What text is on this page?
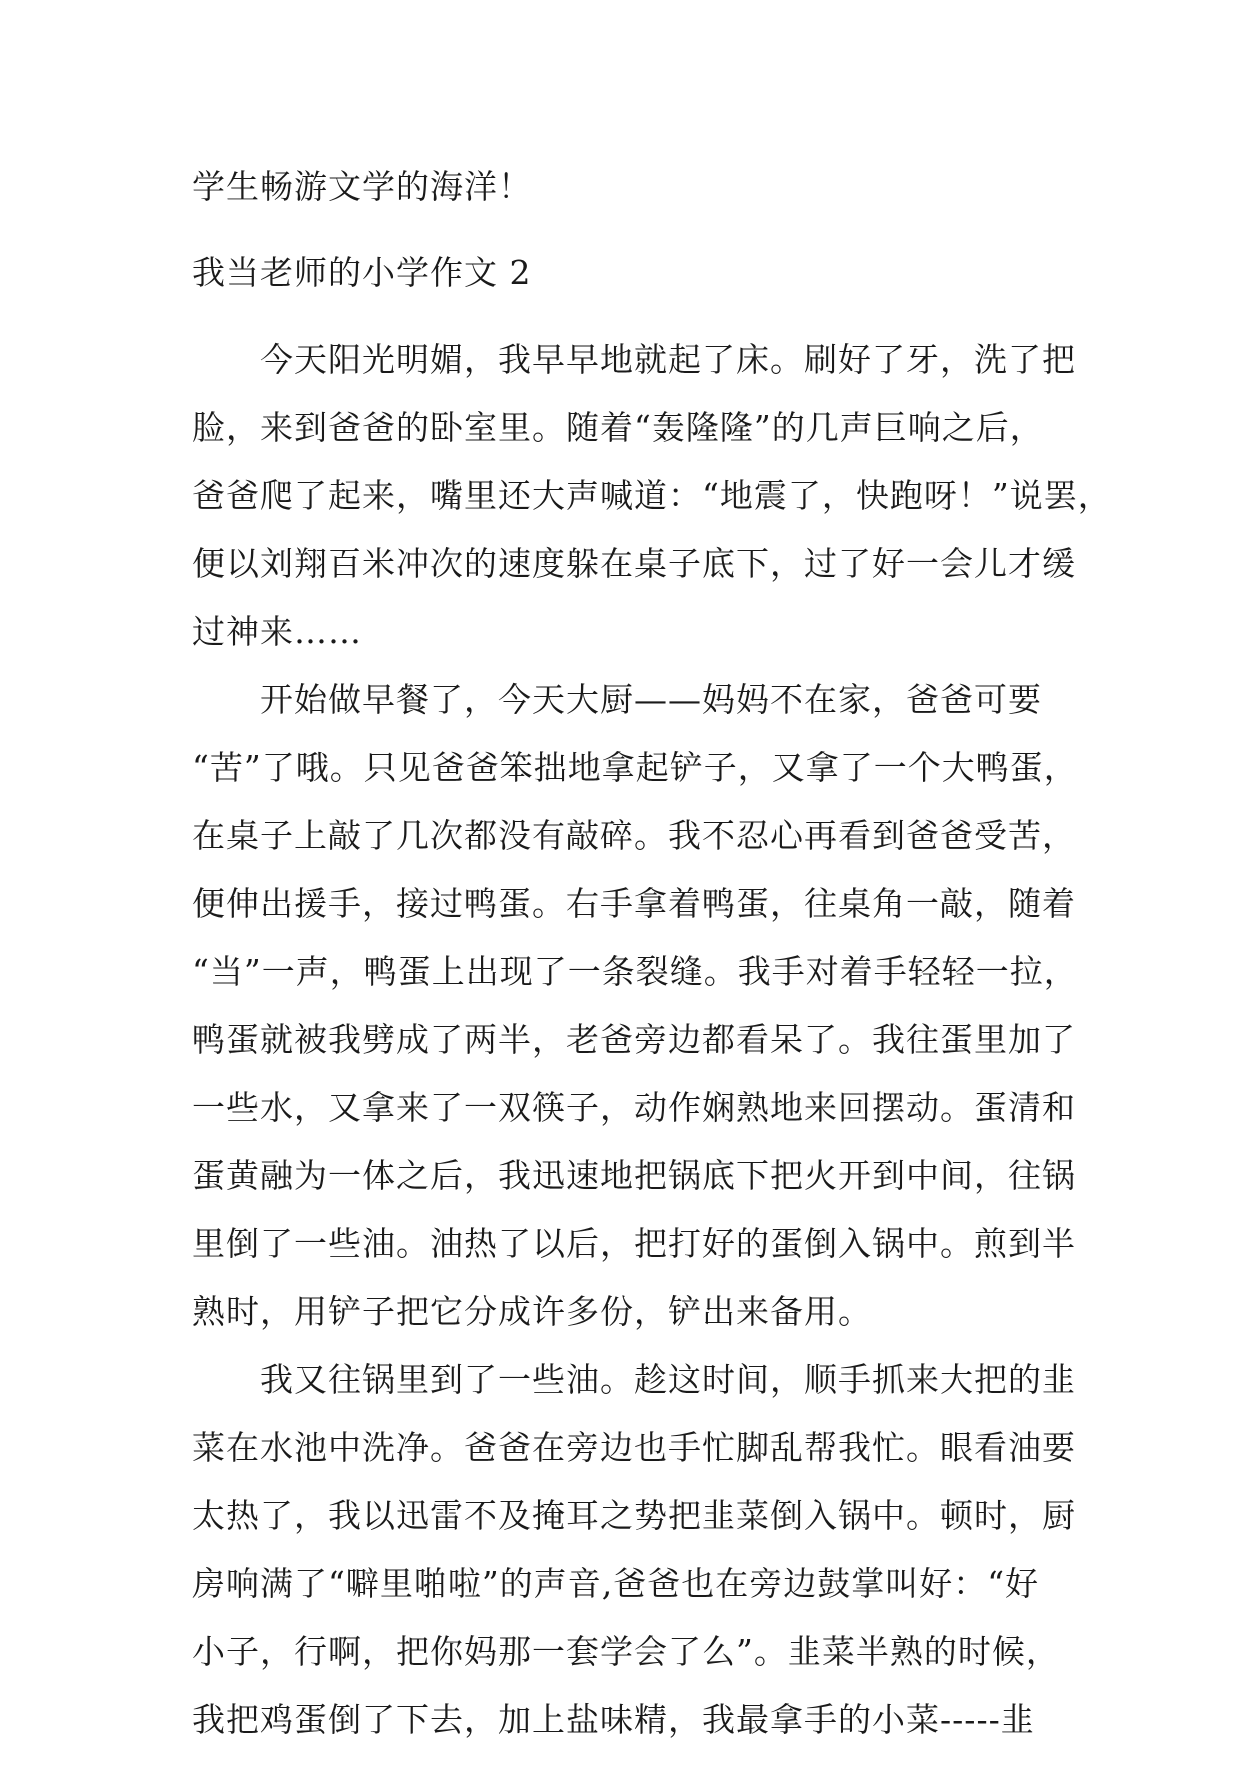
学生畅游文学的海洋！

我当老师的小学作文 2

　　今天阳光明媚，我早早地就起了床。刷好了牙，洗了把

脸，来到爸爸的卧室里。随着“轰隆隆”的几声巨响之后，

爸爸爬了起来，嘴里还大声喊道：“地震了，快跑呀！”说罢，

便以刘翔百米冲次的速度躲在桌子底下，过了好一会儿才缓

过神来……

　　开始做早餐了，今天大厨——妈妈不在家，爸爸可要

“苦”了哦。只见爸爸笨拙地拿起铲子，又拿了一个大鸭蛋，

在桌子上敲了几次都没有敲碎。我不忍心再看到爸爸受苦，

便伸出援手，接过鸭蛋。右手拿着鸭蛋，往桌角一敲，随着

“当”一声，鸭蛋上出现了一条裂缝。我手对着手轻轻一拉，

鸭蛋就被我劈成了两半，老爸旁边都看呆了。我往蛋里加了

一些水，又拿来了一双筷子，动作娴熟地来回摆动。蛋清和

蛋黄融为一体之后，我迅速地把锅底下把火开到中间，往锅

里倒了一些油。油热了以后，把打好的蛋倒入锅中。煎到半

熟时，用铲子把它分成许多份，铲出来备用。

　　我又往锅里到了一些油。趁这时间，顺手抓来大把的韭

菜在水池中洗净。爸爸在旁边也手忙脚乱帮我忙。眼看油要

太热了，我以迅雷不及掩耳之势把韭菜倒入锅中。顿时，厨

房响满了“噼里啪啦”的声音,爸爸也在旁边鼓掌叫好：“好

小子，行啊，把你妈那一套学会了么”。韭菜半熟的时候，

我把鸡蛋倒了下去，加上盐味精，我最拿手的小菜-----韭
